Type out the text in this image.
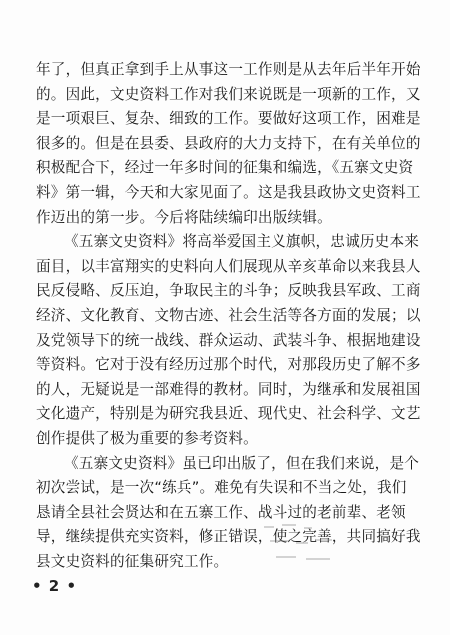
年了，但真正拿到手上从事这一工作则是从去年后半年开始
的。因此，文史资料工作对我们来说既是一项新的工作，又
是一项艰巨、复杂、细致的工作。要做好这项工作，困难是
很多的。但是在县委、县政府的大力支持下，在有关单位的
积极配合下，经过一年多时间的征集和编选，《五寨文史资
料》第一辑，今天和大家见面了。这是我县政协文史资料工
作迈出的第一步。今后将陆续编印出版续辑。

《五寨文史资料》将高举爱国主义旗帜，忠诚历史本来
面目，以丰富翔实的史料向人们展现从辛亥革命以来我县人
民反侵略、反压迫，争取民主的斗争；反映我县军政、工商
经济、文化教育、文物古迹、社会生活等各方面的发展；以
及党领导下的统一战线、群众运动、武装斗争、根据地建设
等资料。它对于没有经历过那个时代，对那段历史了解不多
的人，无疑说是一部难得的教材。同时，为继承和发展祖国
文化遗产，特别是为研究我县近、现代史、社会科学、文艺
创作提供了极为重要的参考资料。

《五寨文史资料》虽已印出版了，但在我们来说，是个
初次尝试，是一次“练兵”。难免有失误和不当之处，我们
恳请全县社会贤达和在五寨工作、战斗过的老前辈、老领
导，继续提供充实资料，修正错误，使之完善，共同搞好我
县文史资料的征集研究工作。

• 2 •
